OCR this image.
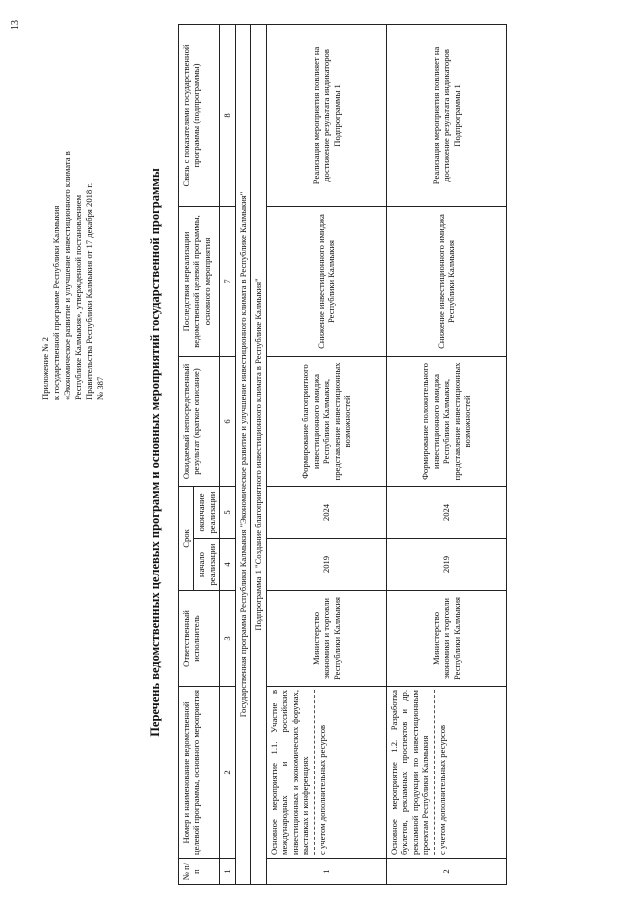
13
Приложение № 2 к государственной программе Республики Калмыкия «Экономическое развитие и улучшение инвестиционного климата в Республике Калмыкия», утвержденной постановлением Правительства Республики Калмыкия от 17 декабря 2018 г. № 387	Перечень ведомственных целевых программ и основных мероприятий государственной программы
№ п/п	Номер и наименование ведомственной целевой программы, основного мероприятия	Ответственный исполнитель	Срок		Ожидаемый непосредственный результат (краткое описание)	Последствия нереализации ведомственной целевой программы, основного мероприятия	Связь с показателями государственной программы (подпрограммы)
			начало реализации	окончание реализации			
1	2	3	4	5	6	7	8
Государственная программа Республики Калмыкия "Экономическое развитие и улучшение инвестиционного климата в Республике Калмыкия"							
Подпрограмма 1 "Создание благоприятного инвестиционного климата в Республике Калмыкия"							
1	Основное мероприятие 1.1. Участие в международных и российских инвестиционных и экономических форумах, выставках и конференциях с учетом дополнительных ресурсов	Министерство экономики и торговли Республики Калмыкия	2019	2024	Формирование благоприятного инвестиционного имиджа Республики Калмыкия, представление инвестиционных возможностей	Снижение инвестиционного имиджа Республики Калмыкия	Реализация мероприятия повлияет на достижение результата индикаторов Подпрограммы 1
2	Основное мероприятие 1.2. Разработка буклетов, рекламных проспектов и др. рекламной продукции по инвестиционным проектам Республики Калмыкия с учетом дополнительных ресурсов	Министерство экономики и торговли Республики Калмыкия	2019	2024	Формирование положительного инвестиционного имиджа Республики Калмыкия, представление инвестиционных возможностей	Снижение инвестиционного имиджа Республики Калмыкия	Реализация мероприятия повлияет на достижение результата индикаторов Подпрограммы 1
